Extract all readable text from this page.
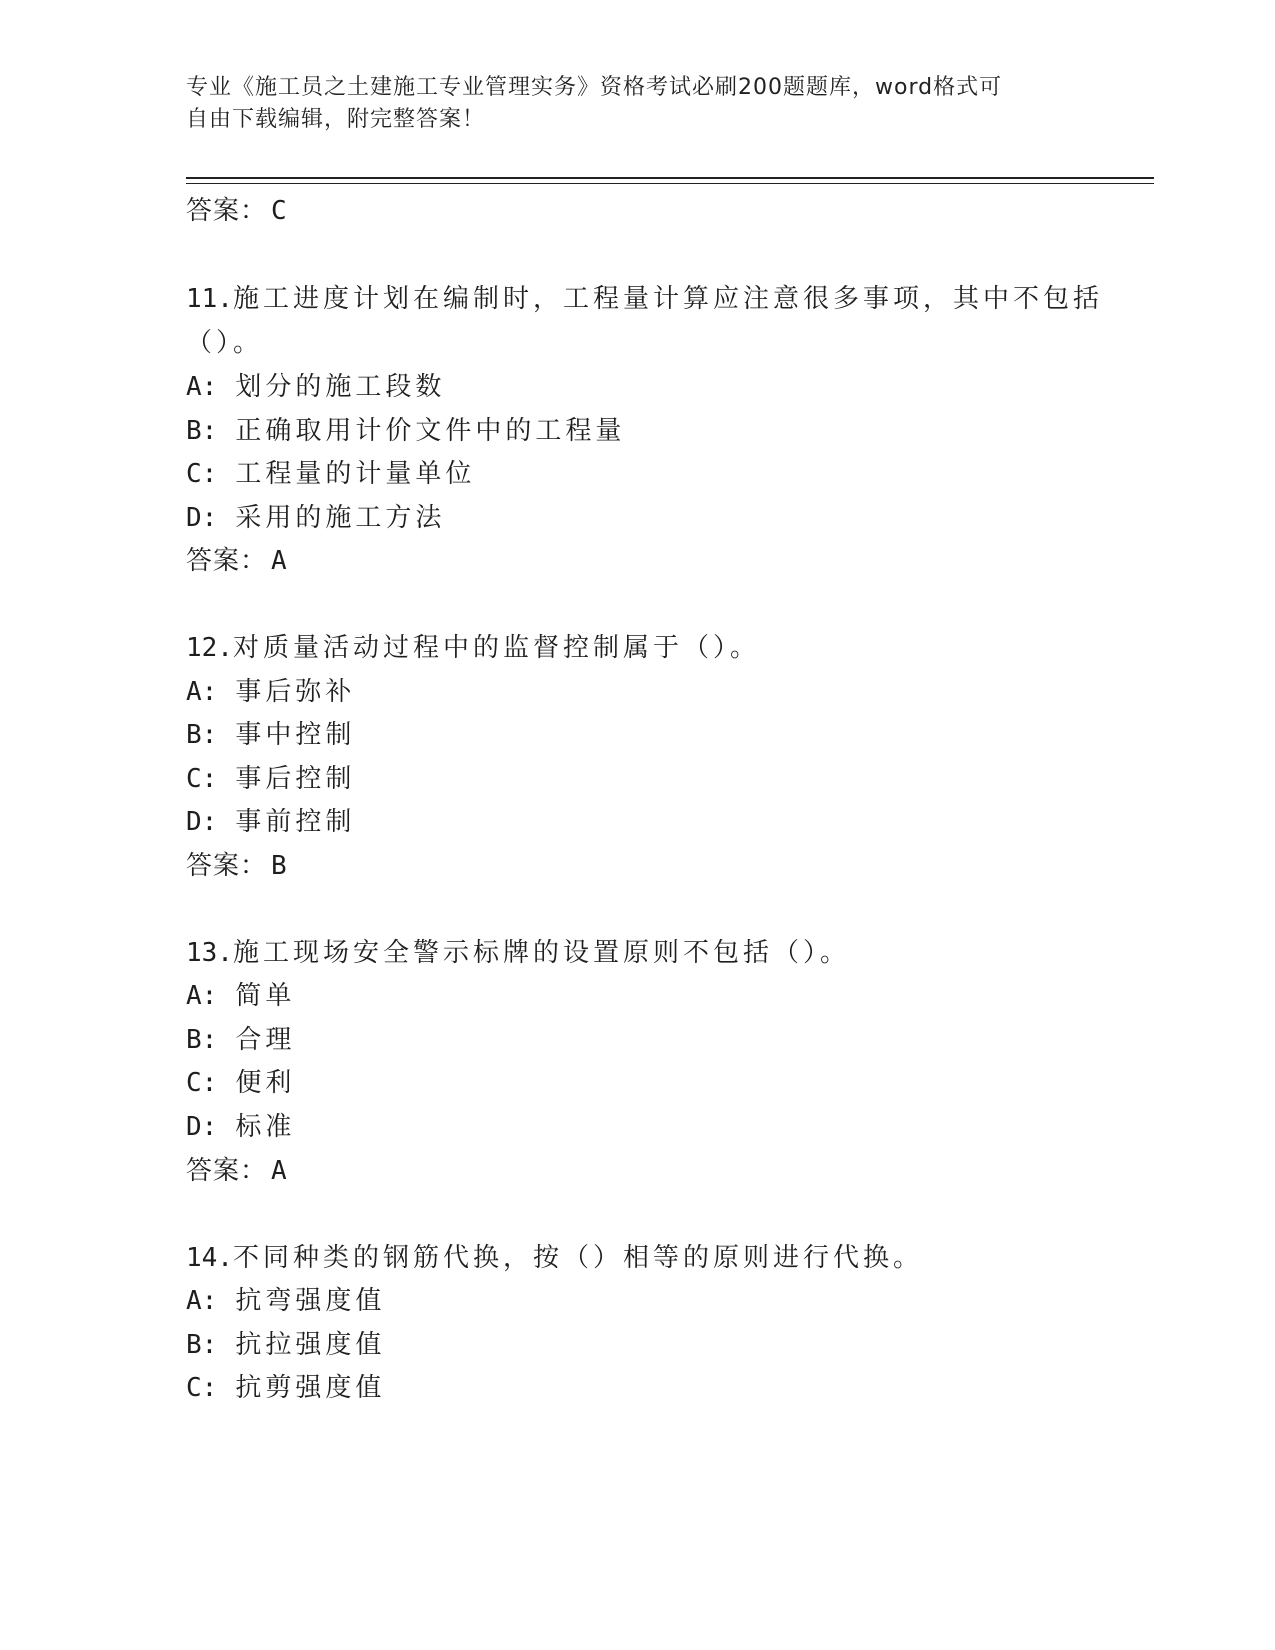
专业《施工员之土建施工专业管理实务》资格考试必刷200题题库，word格式可
自由下载编辑，附完整答案！
答案： C
11.施工进度计划在编制时，工程量计算应注意很多事项，其中不包括
（）。
A: 划分的施工段数
B: 正确取用计价文件中的工程量
C: 工程量的计量单位
D: 采用的施工方法
答案： A
12.对质量活动过程中的监督控制属于（）。
A: 事后弥补
B: 事中控制
C: 事后控制
D: 事前控制
答案： B
13.施工现场安全警示标牌的设置原则不包括（）。
A: 简单
B: 合理
C: 便利
D: 标准
答案： A
14.不同种类的钢筋代换，按（）相等的原则进行代换。
A: 抗弯强度值
B: 抗拉强度值
C: 抗剪强度值
